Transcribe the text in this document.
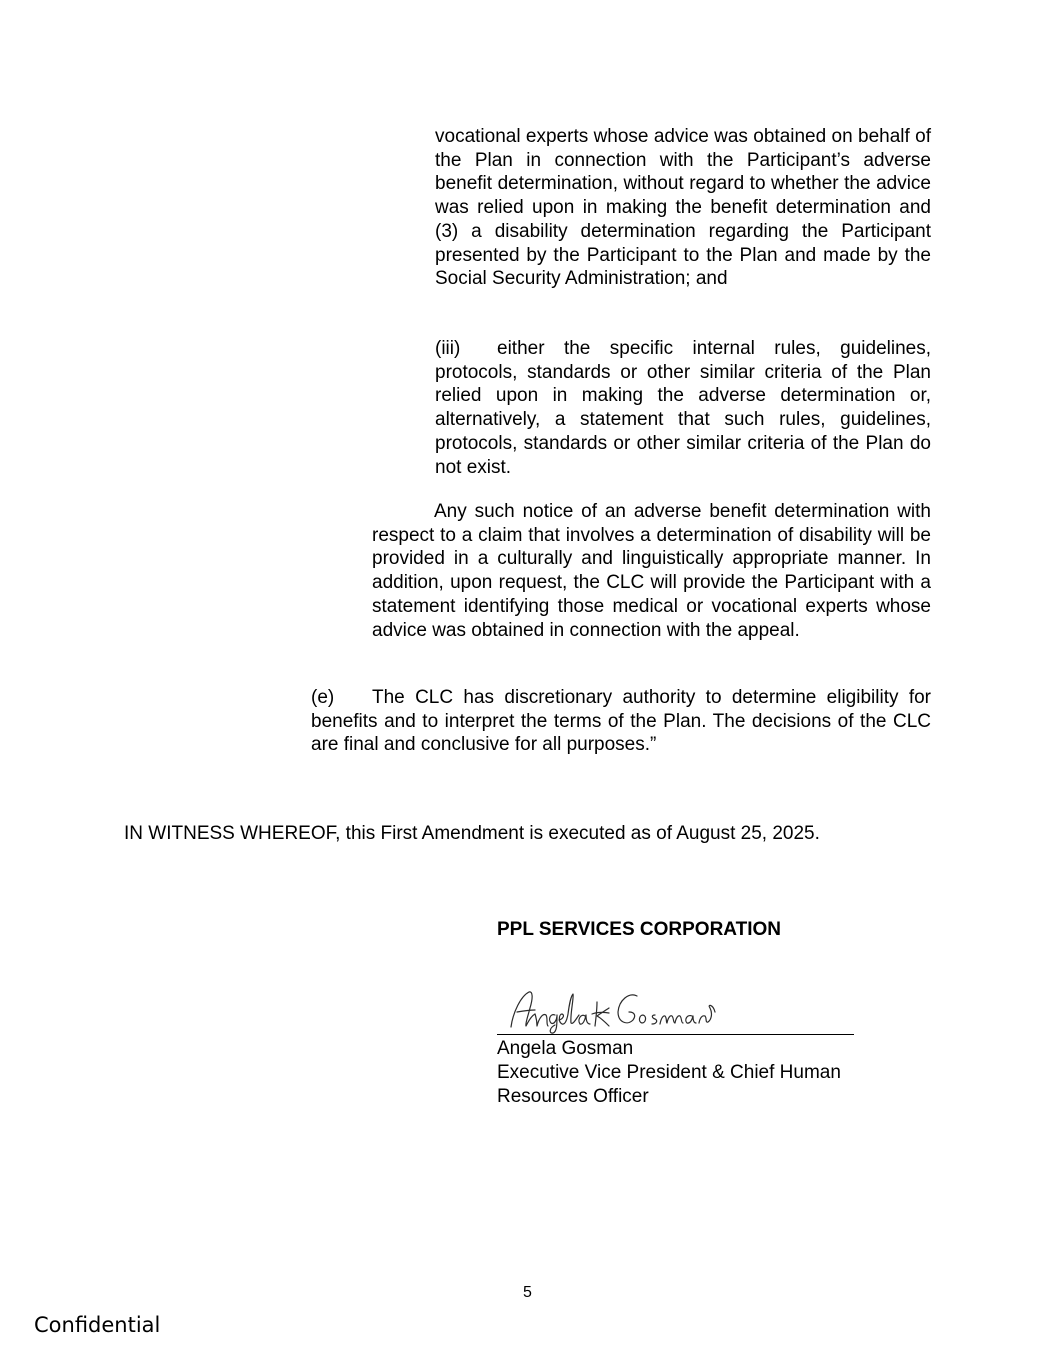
vocational experts whose advice was obtained on behalf of the Plan in connection with the Participant’s adverse benefit determination, without regard to whether the advice was relied upon in making the benefit determination and (3) a disability determination regarding the Participant presented by the Participant to the Plan and made by the Social Security Administration; and

(iii) either the specific internal rules, guidelines, protocols, standards or other similar criteria of the Plan relied upon in making the adverse determination or, alternatively, a statement that such rules, guidelines, protocols, standards or other similar criteria of the Plan do not exist.

Any such notice of an adverse benefit determination with respect to a claim that involves a determination of disability will be provided in a culturally and linguistically appropriate manner. In addition, upon request, the CLC will provide the Participant with a statement identifying those medical or vocational experts whose advice was obtained in connection with the appeal.

(e) The CLC has discretionary authority to determine eligibility for benefits and to interpret the terms of the Plan. The decisions of the CLC are final and conclusive for all purposes.”

IN WITNESS WHEREOF, this First Amendment is executed as of August 25, 2025.

PPL SERVICES CORPORATION

Angela Gosman
Executive Vice President & Chief Human
Resources Officer

5

Confidential
